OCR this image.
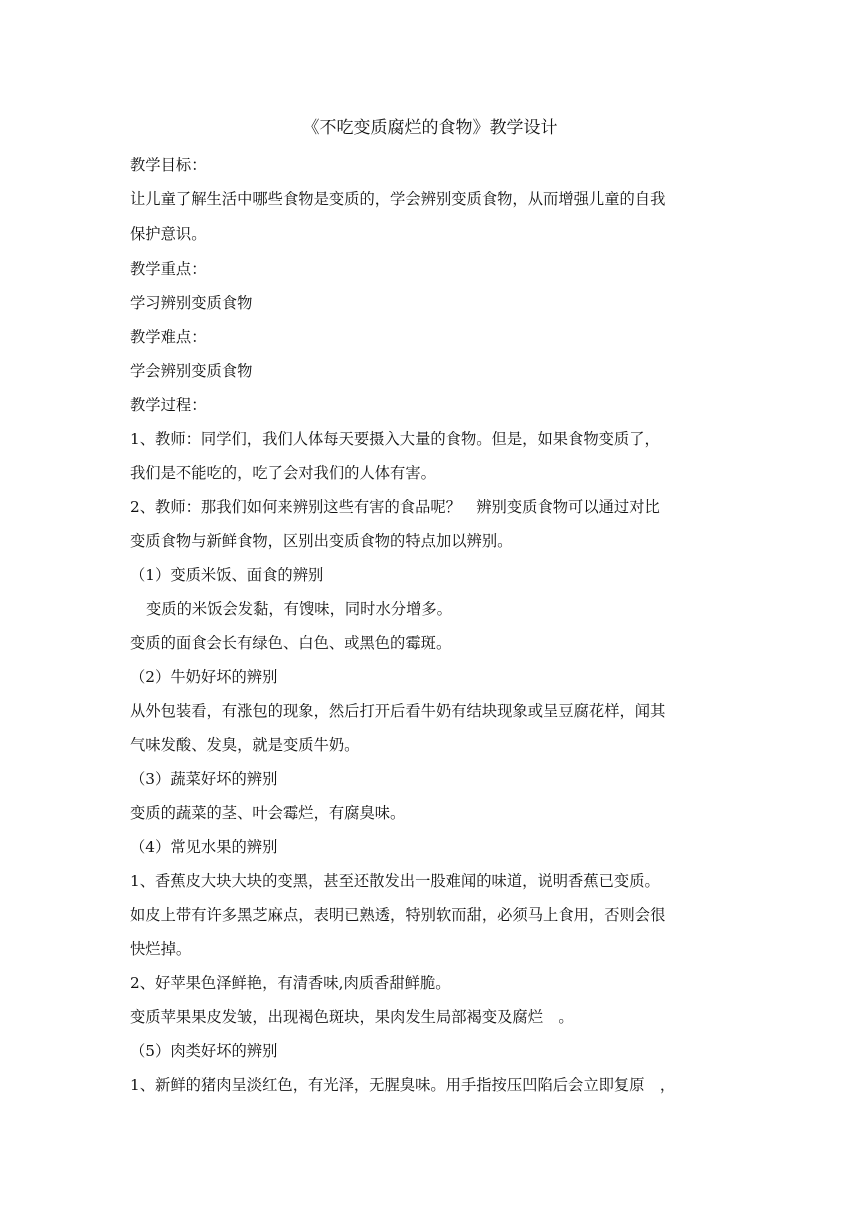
《不吃变质腐烂的食物》教学设计
教学目标：
让儿童了解生活中哪些食物是变质的，学会辨别变质食物，从而增强儿童的自我
保护意识。
教学重点：
学习辨别变质食物
教学难点：
学会辨别变质食物
教学过程：
1、教师：同学们，我们人体每天要摄入大量的食物。但是，如果食物变质了，
我们是不能吃的，吃了会对我们的人体有害。
2、教师：那我们如何来辨别这些有害的食品呢？　辨别变质食物可以通过对比
变质食物与新鲜食物，区别出变质食物的特点加以辨别。
（1）变质米饭、面食的辨别
变质的米饭会发黏，有馊味，同时水分增多。
变质的面食会长有绿色、白色、或黑色的霉斑。
（2）牛奶好坏的辨别
从外包装看，有涨包的现象，然后打开后看牛奶有结块现象或呈豆腐花样，闻其
气味发酸、发臭，就是变质牛奶。
（3）蔬菜好坏的辨别
变质的蔬菜的茎、叶会霉烂，有腐臭味。
（4）常见水果的辨别
1、香蕉皮大块大块的变黑，甚至还散发出一股难闻的味道，说明香蕉已变质。
如皮上带有许多黑芝麻点，表明已熟透，特别软而甜，必须马上食用，否则会很
快烂掉。
2、好苹果色泽鲜艳，有清香味,肉质香甜鲜脆。
变质苹果果皮发皱，出现褐色斑块，果肉发生局部褐变及腐烂　。
（5）肉类好坏的辨别
1、新鲜的猪肉呈淡红色，有光泽，无腥臭味。用手指按压凹陷后会立即复原　，
